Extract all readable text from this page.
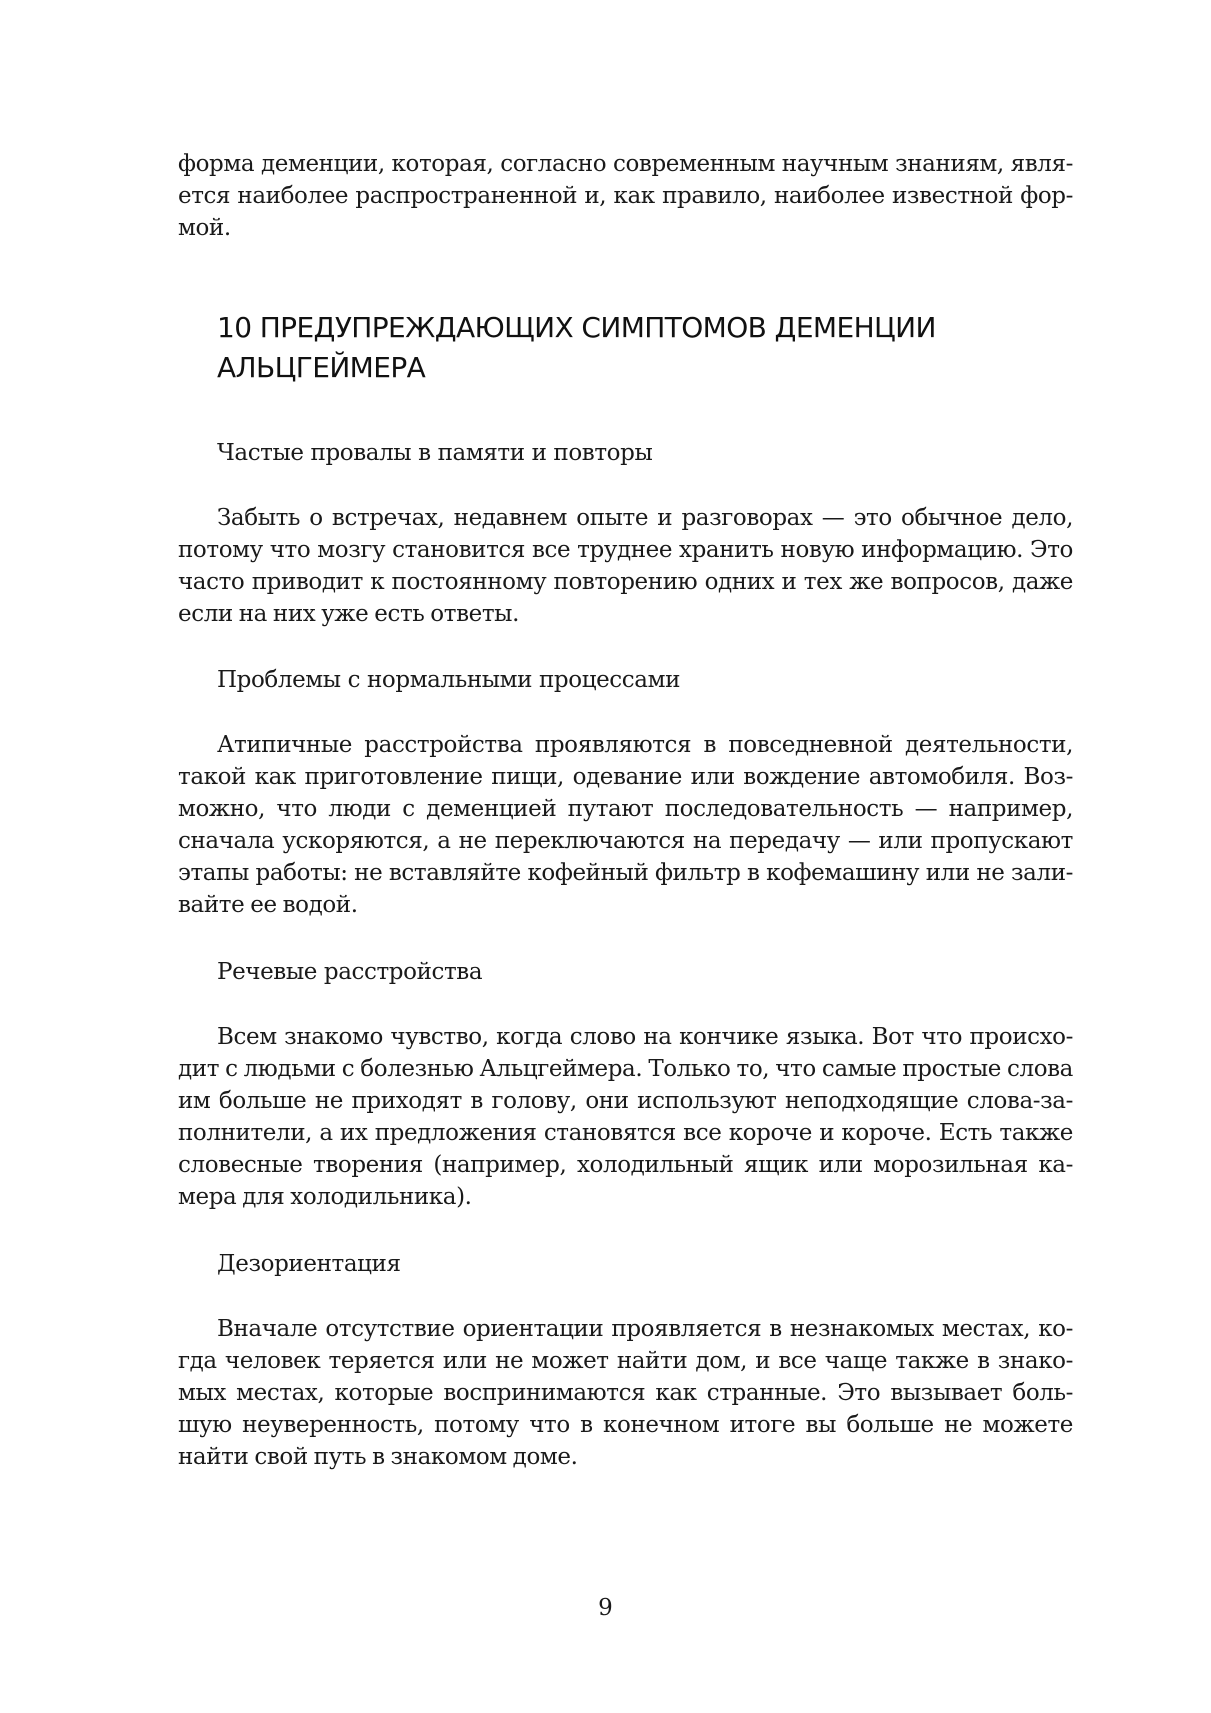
форма деменции, которая, согласно современным научным знаниям, явля-
ется наиболее распространенной и, как правило, наиболее известной фор-
мой.

10 ПРЕДУПРЕЖДАЮЩИХ СИМПТОМОВ ДЕМЕНЦИИ
АЛЬЦГЕЙМЕРА

Частые провалы в памяти и повторы

Забыть о встречах, недавнем опыте и разговорах — это обычное дело,
потому что мозгу становится все труднее хранить новую информацию. Это
часто приводит к постоянному повторению одних и тех же вопросов, даже
если на них уже есть ответы.

Проблемы с нормальными процессами

Атипичные расстройства проявляются в повседневной деятельности,
такой как приготовление пищи, одевание или вождение автомобиля. Воз-
можно, что люди с деменцией путают последовательность — например,
сначала ускоряются, а не переключаются на передачу — или пропускают
этапы работы: не вставляйте кофейный фильтр в кофемашину или не зали-
вайте ее водой.

Речевые расстройства

Всем знакомо чувство, когда слово на кончике языка. Вот что происхо-
дит с людьми с болезнью Альцгеймера. Только то, что самые простые слова
им больше не приходят в голову, они используют неподходящие слова-за-
полнители, а их предложения становятся все короче и короче. Есть также
словесные творения (например, холодильный ящик или морозильная ка-
мера для холодильника).

Дезориентация

Вначале отсутствие ориентации проявляется в незнакомых местах, ко-
гда человек теряется или не может найти дом, и все чаще также в знако-
мых местах, которые воспринимаются как странные. Это вызывает боль-
шую неуверенность, потому что в конечном итоге вы больше не можете
найти свой путь в знакомом доме.

9
